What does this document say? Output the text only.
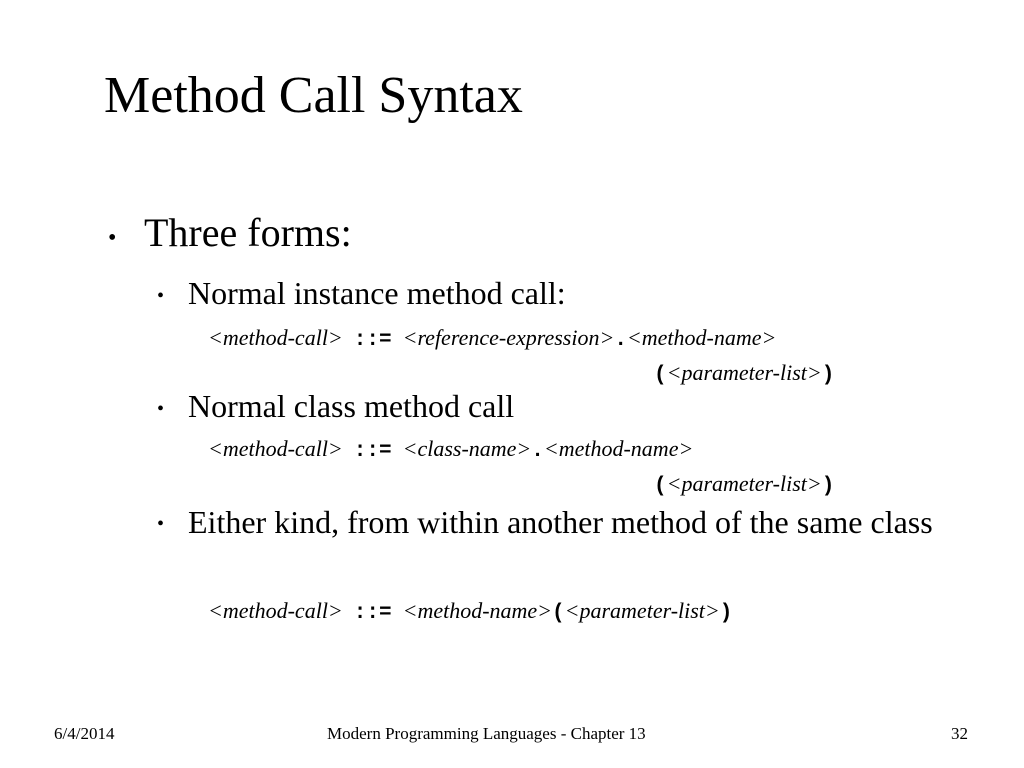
Method Call Syntax
• Three forms:
• Normal instance method call:
<method-call> ::= <reference-expression>.<method-name>
(<parameter-list>)
• Normal class method call
<method-call> ::= <class-name>.<method-name>
(<parameter-list>)
• Either kind, from within another method of the same class
<method-call> ::= <method-name>(<parameter-list>)
6/4/2014	Modern Programming Languages - Chapter 13	32
